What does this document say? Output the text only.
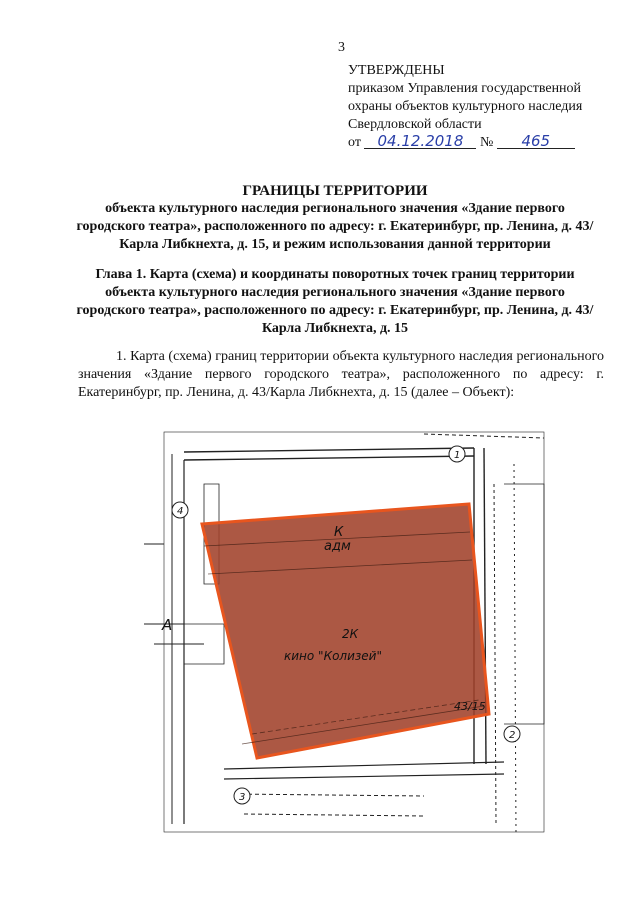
3
УТВЕРЖДЕНЫ
приказом Управления государственной
охраны объектов культурного наследия
Свердловской области
от 04.12.2018 № 465
ГРАНИЦЫ ТЕРРИТОРИИ
объекта культурного наследия регионального значения «Здание первого городского театра», расположенного по адресу: г. Екатеринбург, пр. Ленина, д. 43/Карла Либкнехта, д. 15, и режим использования данной территории
Глава 1. Карта (схема) и координаты поворотных точек границ территории объекта культурного наследия регионального значения «Здание первого городского театра», расположенного по адресу: г. Екатеринбург, пр. Ленина, д. 43/Карла Либкнехта, д. 15
1. Карта (схема) границ территории объекта культурного наследия регионального значения «Здание первого городского театра», расположенного по адресу: г. Екатеринбург, пр. Ленина, д. 43/Карла Либкнехта, д. 15 (далее – Объект):
К
адм
2К
кино "Колизей"
А
43/15
1
2
3
4
